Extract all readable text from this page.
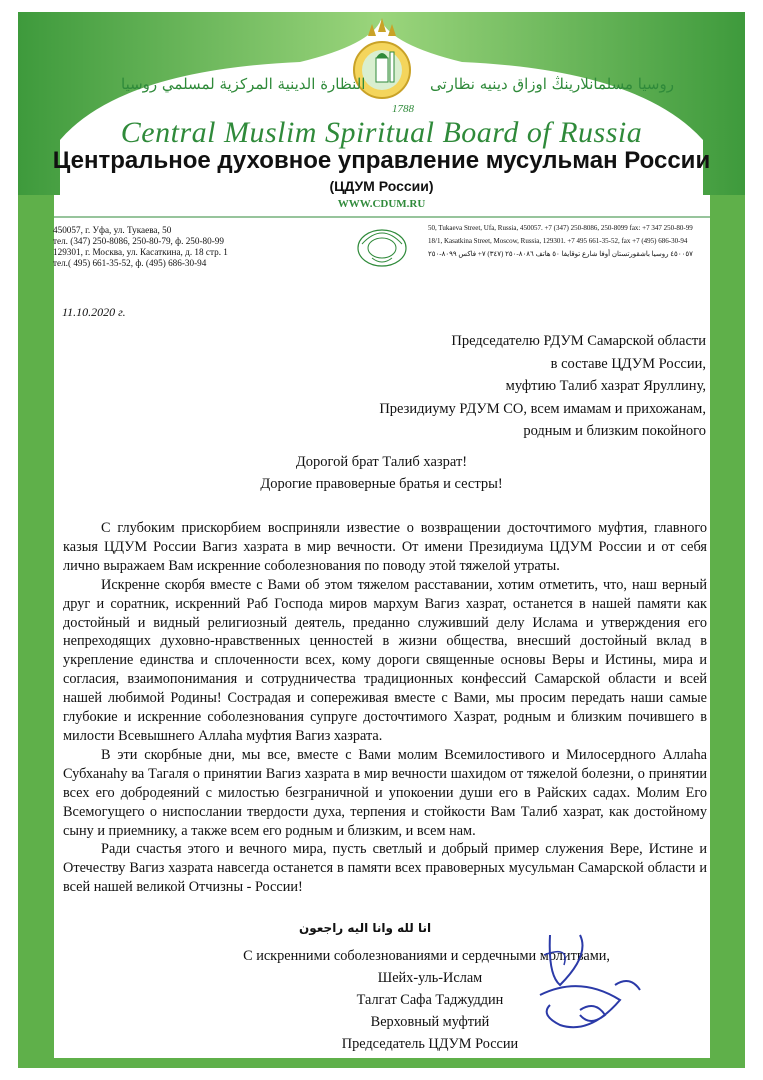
النظارة الدينية المركزية لمسلمي روسيا	روسيا مسلمانلارینڭ اوزاق دینیه نظارتی
1788
Central Muslim Spiritual Board of Russia
Центральное духовное управление мусульман России
(ЦДУМ России)
WWW.CDUM.RU
450057, г. Уфа, ул. Тукаева, 50
тел. (347) 250-8086, 250-80-79, ф. 250-80-99
129301, г. Москва, ул. Касаткина, д. 18 стр. 1
тел.( 495) 661-35-52, ф. (495) 686-30-94
50, Tukaeva Street, Ufa, Russia, 450057. +7 (347) 250-8086, 250-8099 fax: +7 347 250-80-99
18/1, Kasatkina Street, Moscow, Russia, 129301. +7 495 661-35-52, fax +7 (495) 686-30-94
٤٥٠٠٥٧ روسيا باشقورتستان أوفا شارع توقايفا ٥٠ هاتف ٨٠٨٦-٢٥٠ (٣٤٧) ٧+ فاكس ٨٠٩٩-٢٥٠
11.10.2020 г.
Председателю РДУМ Самарской области
в составе ЦДУМ России,
муфтию Талиб хазрат Яруллину,
Президиуму РДУМ СО, всем имамам и прихожанам,
родным и близким покойного
Дорогой брат Талиб хазрат!
Дорогие правоверные братья и сестры!

С глубоким прискорбием восприняли известие о возвращении досточтимого муфтия, главного казыя ЦДУМ России Вагиз хазрата в мир вечности. От имени Президиума ЦДУМ России и от себя лично выражаем Вам искренние соболезнования по поводу этой тяжелой утраты.

Искренне скорбя вместе с Вами об этом тяжелом расставании, хотим отметить, что, наш верный друг и соратник, искренний Раб Господа миров мархум Вагиз хазрат, останется в нашей памяти как достойный и видный религиозный деятель, преданно служивший делу Ислама и утверждения его непреходящих духовно-нравственных ценностей в жизни общества, внесший достойный вклад в укрепление единства и сплоченности всех, кому дороги священные основы Веры и Истины, мира и согласия, взаимопонимания и сотрудничества традиционных конфессий Самарской области и всей нашей любимой Родины! Сострадая и сопереживая вместе с Вами, мы просим передать наши самые глубокие и искренние соболезнования супруге досточтимого Хазрат, родным и близким почившего в милости Всевышнего Аллаhа муфтия Вагиз хазрата.

В эти скорбные дни, мы все, вместе с Вами молим Всемилостивого и Милосердного Аллаhа Субханаhу ва Тагаля о принятии Вагиз хазрата в мир вечности шахидом от тяжелой болезни, о принятии всех его добродеяний с милостью безграничной и упокоении души его в Райских садах. Молим Его Всемогущего о ниспослании твердости духа, терпения и стойкости Вам Талиб хазрат, как достойному сыну и приемнику, а также всем его родным и близким, и всем нам.

Ради счастья этого и вечного мира, пусть светлый и добрый пример служения Вере, Истине и Отечеству Вагиз хазрата навсегда останется в памяти всех правоверных мусульман Самарской области и всей нашей великой Отчизны - России!

انا لله وانا اليه راجعون
С искренними соболезнованиями и сердечными молитвами,
Шейх-уль-Ислам
Талгат Сафа Таджуддин
Верховный муфтий
Председатель ЦДУМ России
